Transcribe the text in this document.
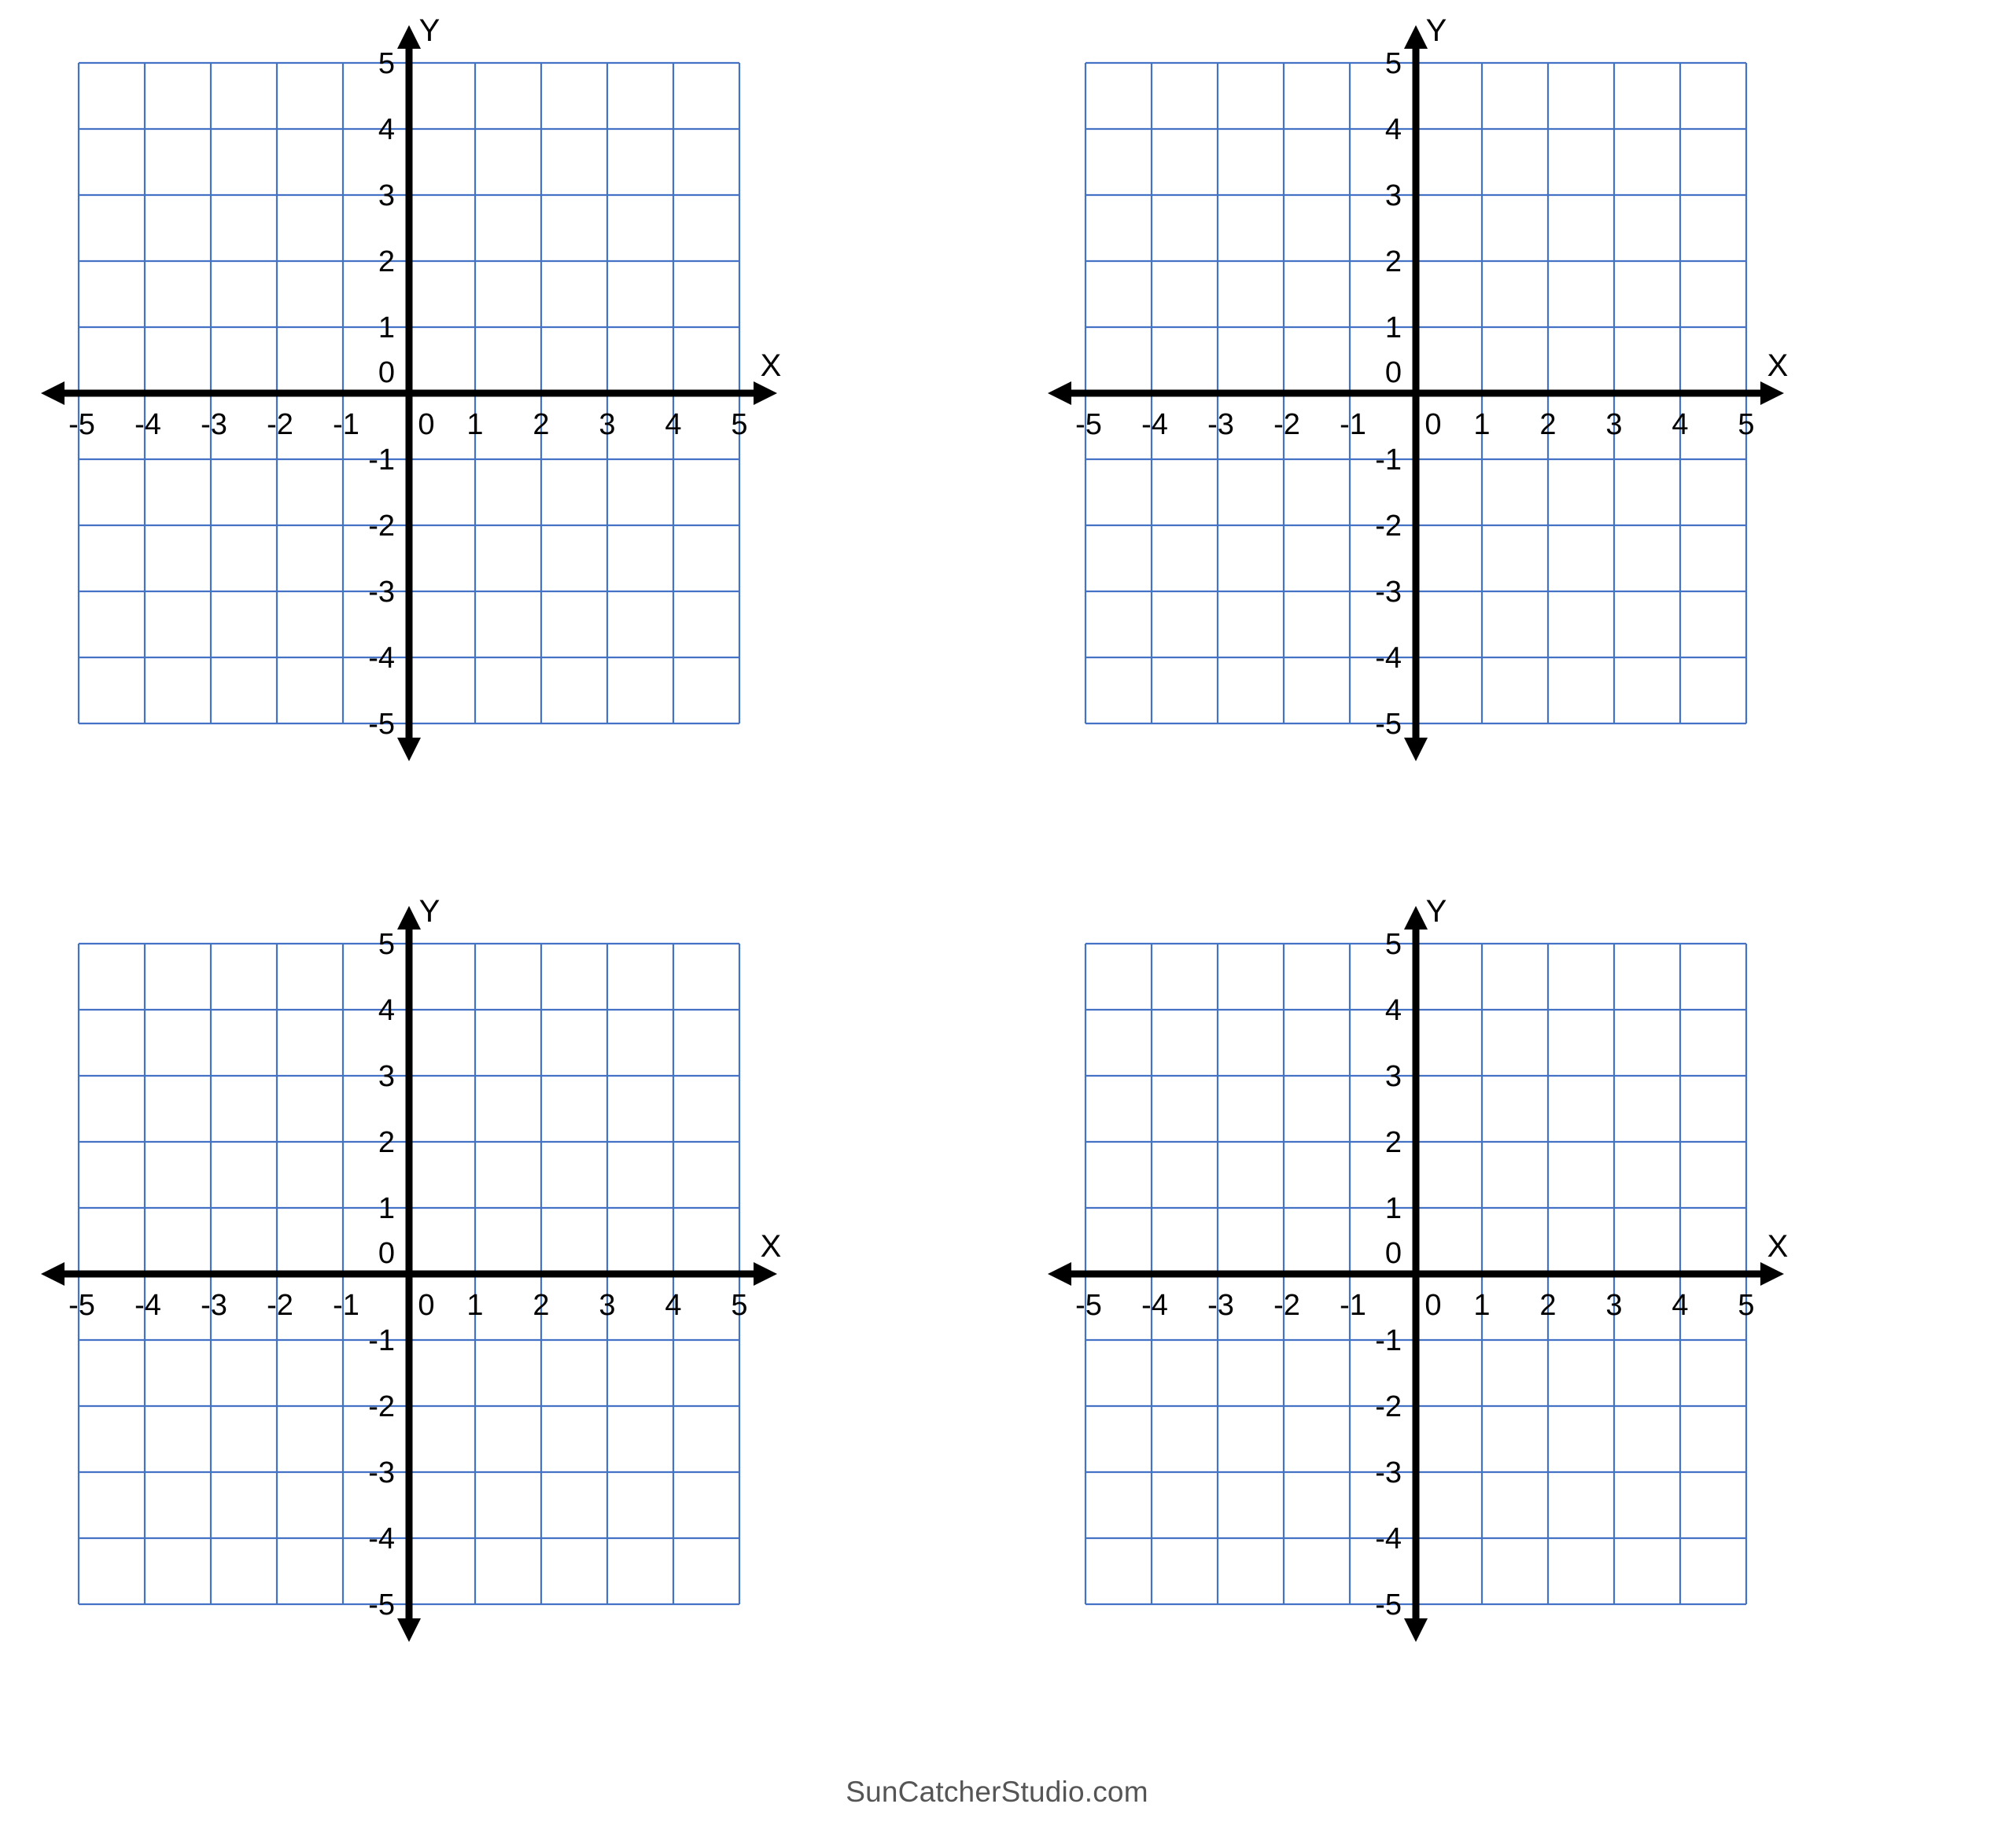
-5 -4 -3 -2 -1 0 1 2 3 4 5
-5
-4
-3
-2
-1
1
2
3
4
5
0	X
Y
-5 -4 -3 -2 -1 0 1 2 3 4 5
-5
-4
-3
-2
-1
1
2
3
4
5
0	X
Y
-5 -4 -3 -2 -1 0 1 2 3 4 5
-5
-4
-3
-2
-1
1
2
3
4
5
0	X
Y
-5 -4 -3 -2 -1 0 1 2 3 4 5
-5
-4
-3
-2
-1
1
2
3
4
5
0	X
Y
SunCatcherStudio.com
